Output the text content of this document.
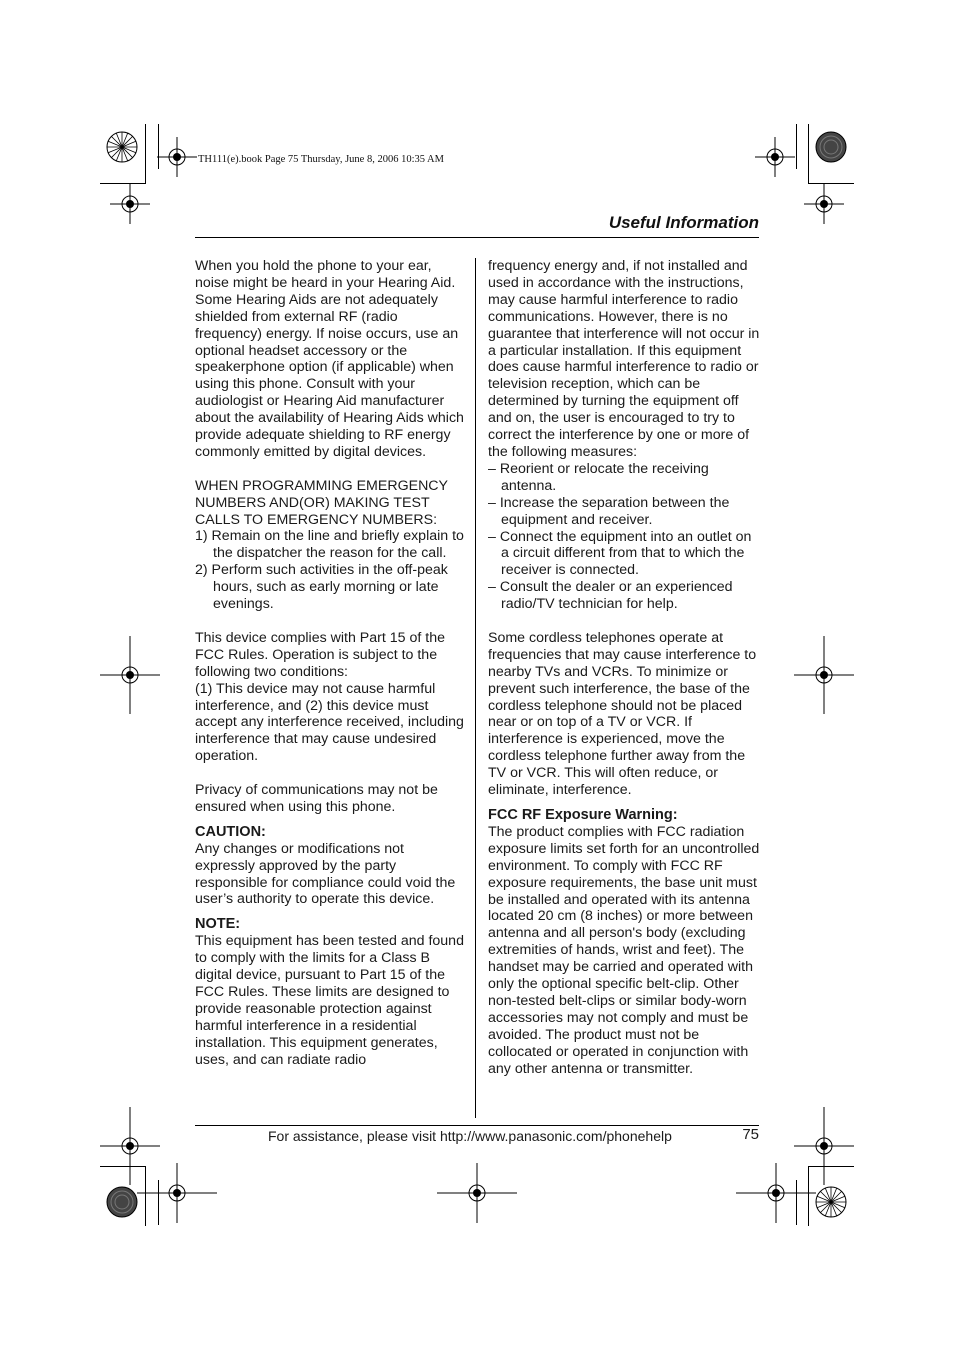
TH111(e).book Page 75 Thursday, June 8, 2006 10:35 AM
Useful Information

When you hold the phone to your ear, noise might be heard in your Hearing Aid. Some Hearing Aids are not adequately shielded from external RF (radio frequency) energy. If noise occurs, use an optional headset accessory or the speakerphone option (if applicable) when using this phone. Consult with your audiologist or Hearing Aid manufacturer about the availability of Hearing Aids which provide adequate shielding to RF energy commonly emitted by digital devices.

WHEN PROGRAMMING EMERGENCY NUMBERS AND(OR) MAKING TEST CALLS TO EMERGENCY NUMBERS:

1) Remain on the line and briefly explain to the dispatcher the reason for the call.

2) Perform such activities in the off-peak hours, such as early morning or late evenings.

This device complies with Part 15 of the FCC Rules. Operation is subject to the following two conditions:

(1) This device may not cause harmful interference, and (2) this device must accept any interference received, including interference that may cause undesired operation.

Privacy of communications may not be ensured when using this phone.

CAUTION:

Any changes or modifications not expressly approved by the party responsible for compliance could void the user’s authority to operate this device.

NOTE:

This equipment has been tested and found to comply with the limits for a Class B digital device, pursuant to Part 15 of the FCC Rules. These limits are designed to provide reasonable protection against harmful interference in a residential installation. This equipment generates, uses, and can radiate radio

frequency energy and, if not installed and used in accordance with the instructions, may cause harmful interference to radio communications. However, there is no guarantee that interference will not occur in a particular installation. If this equipment does cause harmful interference to radio or television reception, which can be determined by turning the equipment off and on, the user is encouraged to try to correct the interference by one or more of the following measures:

– Reorient or relocate the receiving antenna.

– Increase the separation between the equipment and receiver.

– Connect the equipment into an outlet on a circuit different from that to which the receiver is connected.

– Consult the dealer or an experienced radio/TV technician for help.

Some cordless telephones operate at frequencies that may cause interference to nearby TVs and VCRs. To minimize or prevent such interference, the base of the cordless telephone should not be placed near or on top of a TV or VCR. If interference is experienced, move the cordless telephone further away from the TV or VCR. This will often reduce, or eliminate, interference.

FCC RF Exposure Warning:

The product complies with FCC radiation exposure limits set forth for an uncontrolled environment. To comply with FCC RF exposure requirements, the base unit must be installed and operated with its antenna located 20 cm (8 inches) or more between antenna and all person's body (excluding extremities of hands, wrist and feet). The handset may be carried and operated with only the optional specific belt-clip. Other non-tested belt-clips or similar body-worn accessories may not comply and must be avoided. The product must not be collocated or operated in conjunction with any other antenna or transmitter.

For assistance, please visit http://www.panasonic.com/phonehelp	75
